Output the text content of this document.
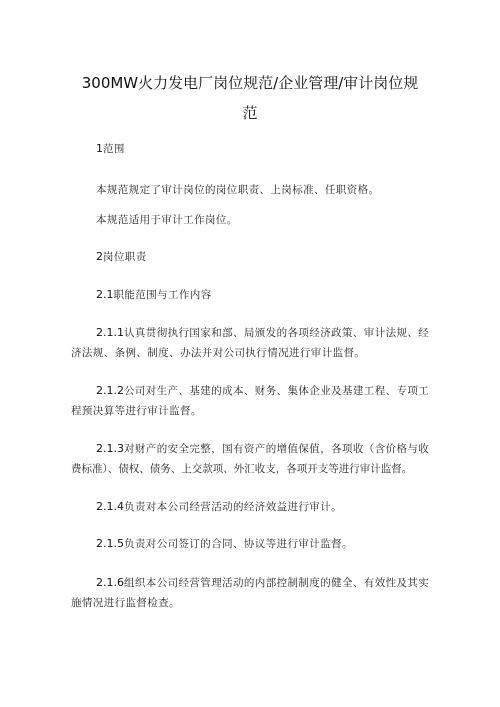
300MW火力发电厂岗位规范/企业管理/审计岗位规
范
1范围
本规范规定了审计岗位的岗位职责、上岗标准、任职资格。
本规范适用于审计工作岗位。
2岗位职责
2.1职能范围与工作内容
2.1.1认真贯彻执行国家和部、局颁发的各项经济政策、审计法规、经
济法规、条例、制度、办法并对公司执行情况进行审计监督。
2.1.2公司对生产、基建的成本、财务、集体企业及基建工程、专项工
程预决算等进行审计监督。
2.1.3对财产的安全完整，国有资产的增值保值，各项收（含价格与收
费标准）、债权、债务、上交款项、外汇收支，各项开支等进行审计监督。
2.1.4负责对本公司经营活动的经济效益进行审计。
2.1.5负责对公司签订的合同、协议等进行审计监督。
2.1.6组织本公司经营管理活动的内部控制制度的健全、有效性及其实
施情况进行监督检查。
